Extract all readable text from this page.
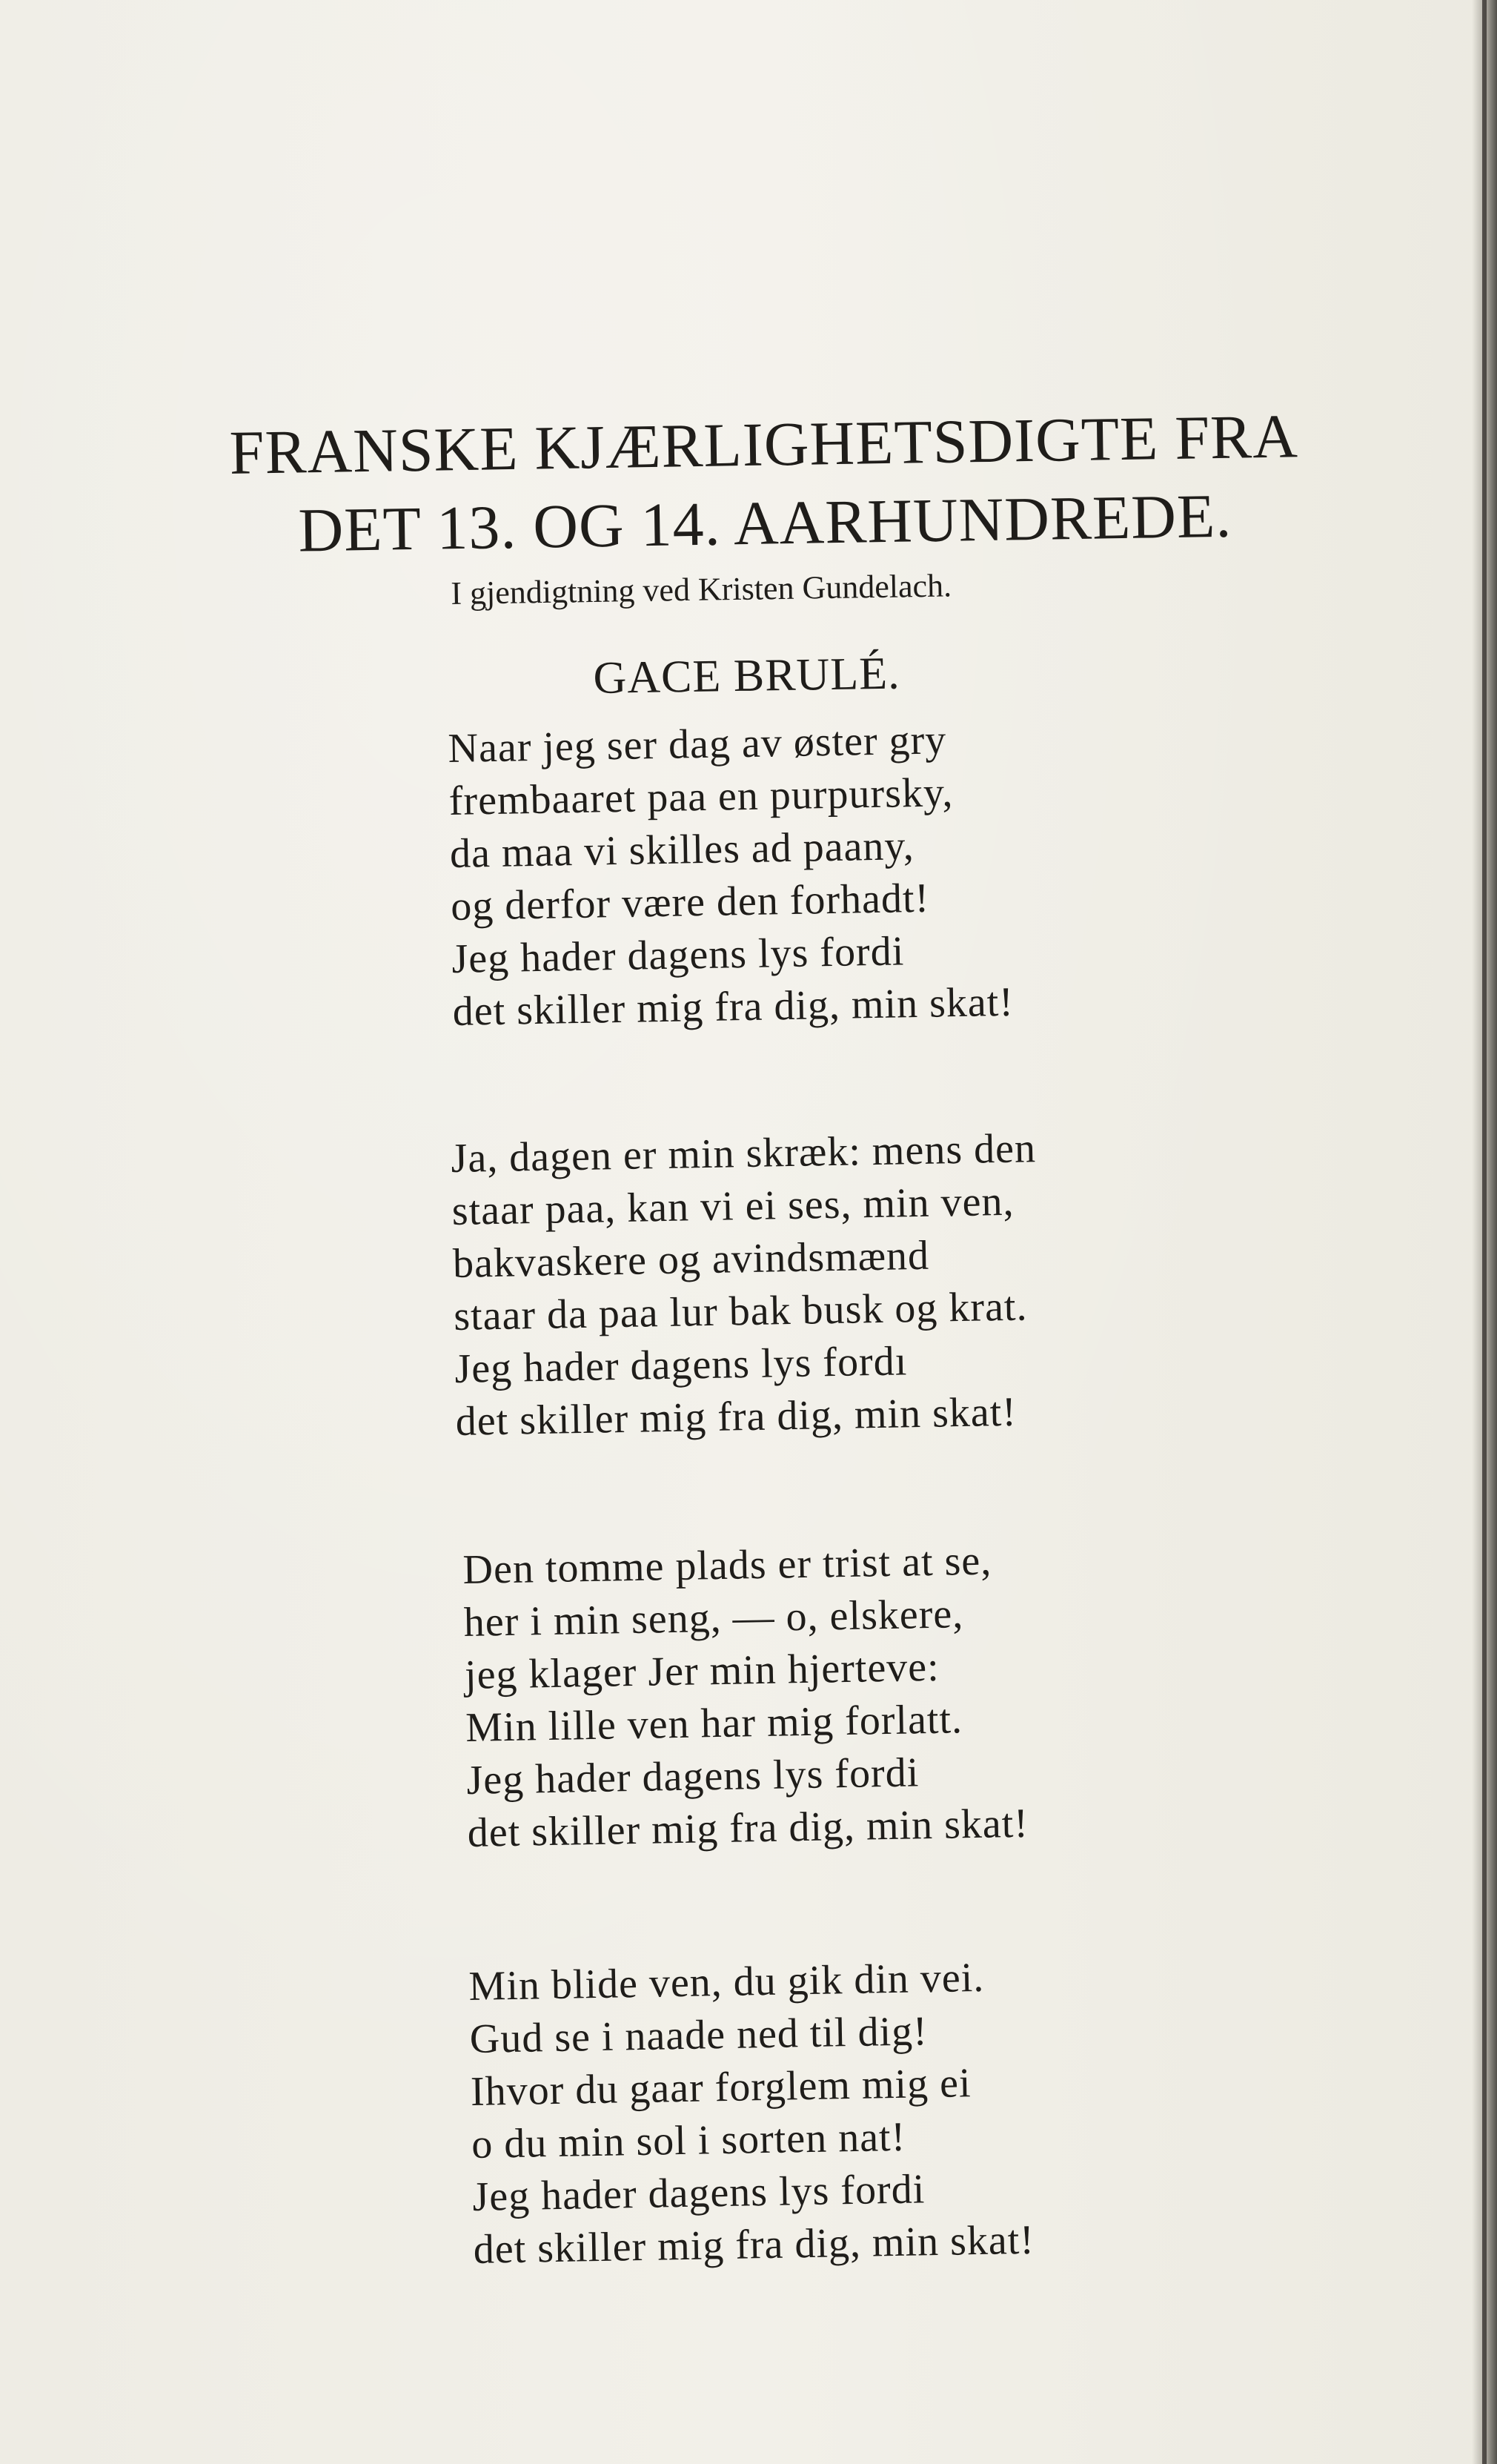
FRANSKE KJÆRLIGHETSDIGTE FRA
DET 13. OG 14. AARHUNDREDE.
I gjendigtning ved Kristen Gundelach.
GACE BRULÉ.
Naar jeg ser dag av øster gry
frembaaret paa en purpursky,
da maa vi skilles ad paany,
og derfor være den forhadt!
Jeg hader dagens lys fordi
det skiller mig fra dig, min skat!
Ja, dagen er min skræk: mens den
staar paa, kan vi ei ses, min ven,
bakvaskere og avindsmænd
staar da paa lur bak busk og krat.
Jeg hader dagens lys fordı
det skiller mig fra dig, min skat!
Den tomme plads er trist at se,
her i min seng, — o, elskere,
jeg klager Jer min hjerteve:
Min lille ven har mig forlatt.
Jeg hader dagens lys fordi
det skiller mig fra dig, min skat!
Min blide ven, du gik din vei.
Gud se i naade ned til dig!
Ihvor du gaar forglem mig ei
o du min sol i sorten nat!
Jeg hader dagens lys fordi
det skiller mig fra dig, min skat!
